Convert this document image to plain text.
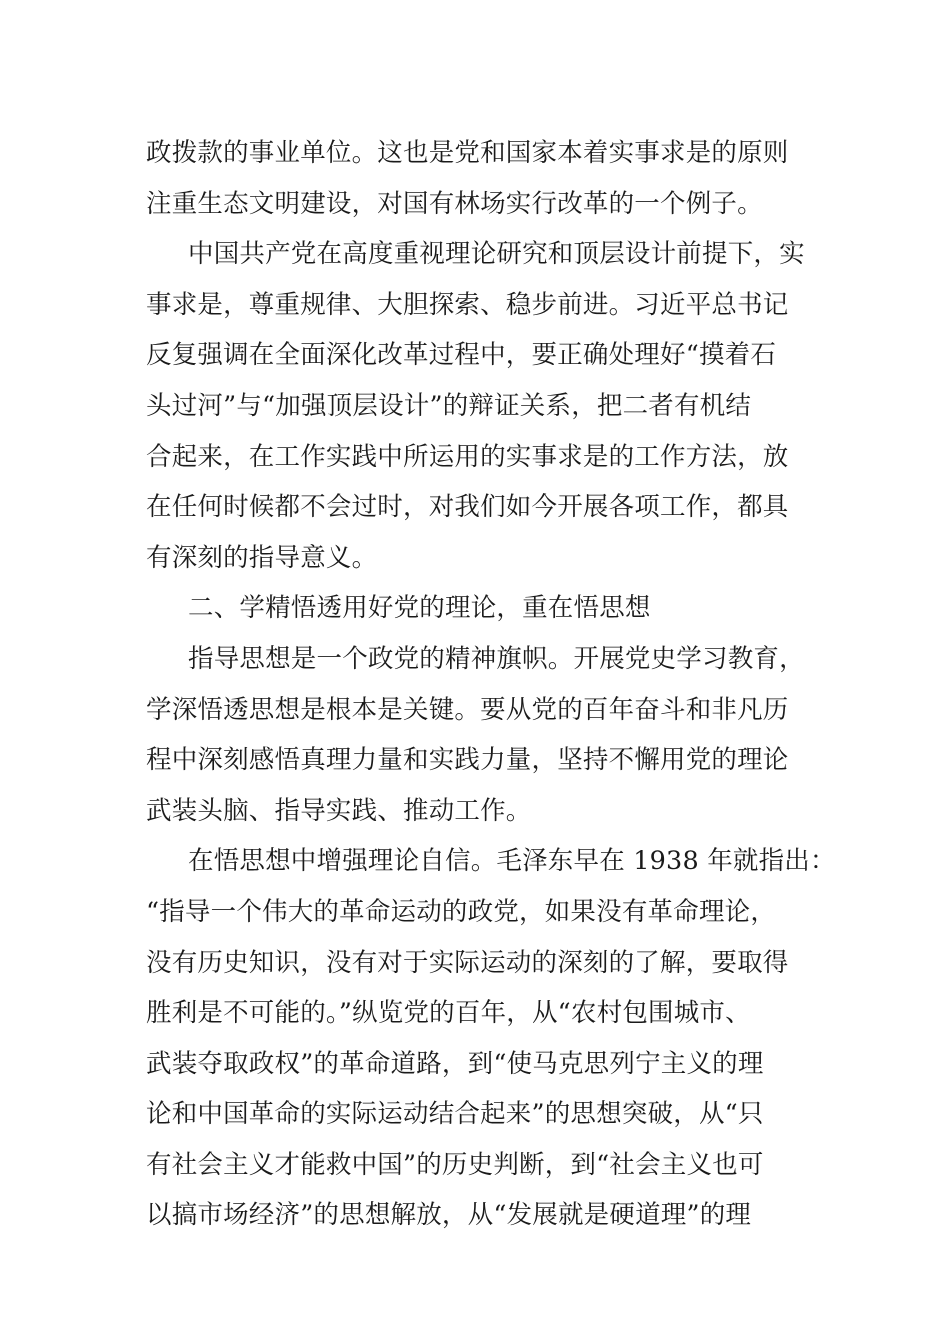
政拨款的事业单位。这也是党和国家本着实事求是的原则
注重生态文明建设，对国有林场实行改革的一个例子。
中国共产党在高度重视理论研究和顶层设计前提下，实
事求是，尊重规律、大胆探索、稳步前进。习近平总书记
反复强调在全面深化改革过程中，要正确处理好“摸着石
头过河”与“加强顶层设计”的辩证关系，把二者有机结
合起来，在工作实践中所运用的实事求是的工作方法，放
在任何时候都不会过时，对我们如今开展各项工作，都具
有深刻的指导意义。
二、学精悟透用好党的理论，重在悟思想
指导思想是一个政党的精神旗帜。开展党史学习教育，
学深悟透思想是根本是关键。要从党的百年奋斗和非凡历
程中深刻感悟真理力量和实践力量，坚持不懈用党的理论
武装头脑、指导实践、推动工作。
在悟思想中增强理论自信。毛泽东早在 1938 年就指出：
“指导一个伟大的革命运动的政党，如果没有革命理论，
没有历史知识，没有对于实际运动的深刻的了解，要取得
胜利是不可能的。”纵览党的百年，从“农村包围城市、
武装夺取政权”的革命道路，到“使马克思列宁主义的理
论和中国革命的实际运动结合起来”的思想突破，从“只
有社会主义才能救中国”的历史判断，到“社会主义也可
以搞市场经济”的思想解放，从“发展就是硬道理”的理
